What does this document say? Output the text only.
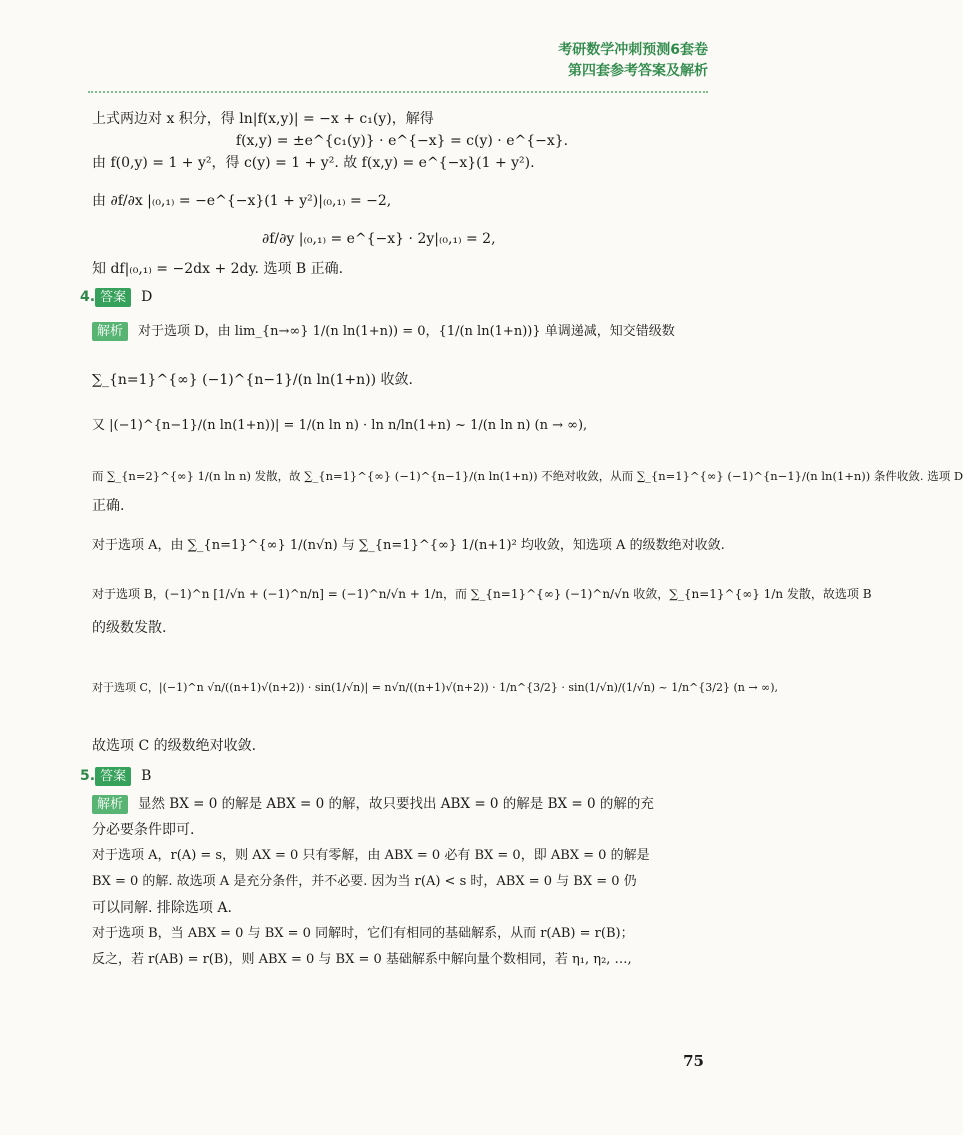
考研数学冲刺预测6套卷
第四套参考答案及解析
上式两边对 x 积分，得 ln|f(x,y)| = −x + c₁(y)，解得
f(x,y) = ±e^{c₁(y)} · e^{−x} = c(y) · e^{−x}.
由 f(0,y) = 1 + y²，得 c(y) = 1 + y². 故 f(x,y) = e^{−x}(1 + y²).
由 ∂f/∂x |₍₀,₁₎ = −e^{−x}(1 + y²)|₍₀,₁₎ = −2,
∂f/∂y |₍₀,₁₎ = e^{−x} · 2y|₍₀,₁₎ = 2,
知 df|₍₀,₁₎ = −2dx + 2dy. 选项 B 正确.
4. 答案 D
解析 对于选项 D，由 lim_{n→∞} 1/(n ln(1+n)) = 0，{1/(n ln(1+n))} 单调递减，知交错级数
∑_{n=1}^{∞} (−1)^{n−1}/(n ln(1+n)) 收敛.
又 |(−1)^{n−1}/(n ln(1+n))| = 1/(n ln n) · ln n/ln(1+n) ~ 1/(n ln n) (n → ∞),
而 ∑_{n=2}^{∞} 1/(n ln n) 发散，故 ∑_{n=1}^{∞} (−1)^{n−1}/(n ln(1+n)) 不绝对收敛，从而 ∑_{n=1}^{∞} (−1)^{n−1}/(n ln(1+n)) 条件收敛. 选项 D
正确.
对于选项 A，由 ∑_{n=1}^{∞} 1/(n√n) 与 ∑_{n=1}^{∞} 1/(n+1)² 均收敛，知选项 A 的级数绝对收敛.
对于选项 B，(−1)^n [1/√n + (−1)^n/n] = (−1)^n/√n + 1/n，而 ∑_{n=1}^{∞} (−1)^n/√n 收敛，∑_{n=1}^{∞} 1/n 发散，故选项 B
的级数发散.
对于选项 C，|(−1)^n √n/((n+1)√(n+2)) · sin(1/√n)| = n√n/((n+1)√(n+2)) · 1/n^{3/2} · sin(1/√n)/(1/√n) ~ 1/n^{3/2} (n → ∞),
故选项 C 的级数绝对收敛.
5. 答案 B
解析 显然 BX = 0 的解是 ABX = 0 的解，故只要找出 ABX = 0 的解是 BX = 0 的解的充
分必要条件即可.
对于选项 A，r(A) = s，则 AX = 0 只有零解，由 ABX = 0 必有 BX = 0，即 ABX = 0 的解是
BX = 0 的解. 故选项 A 是充分条件，并不必要. 因为当 r(A) < s 时，ABX = 0 与 BX = 0 仍
可以同解. 排除选项 A.
对于选项 B，当 ABX = 0 与 BX = 0 同解时，它们有相同的基础解系，从而 r(AB) = r(B)；
反之，若 r(AB) = r(B)，则 ABX = 0 与 BX = 0 基础解系中解向量个数相同，若 η₁, η₂, …,
75
